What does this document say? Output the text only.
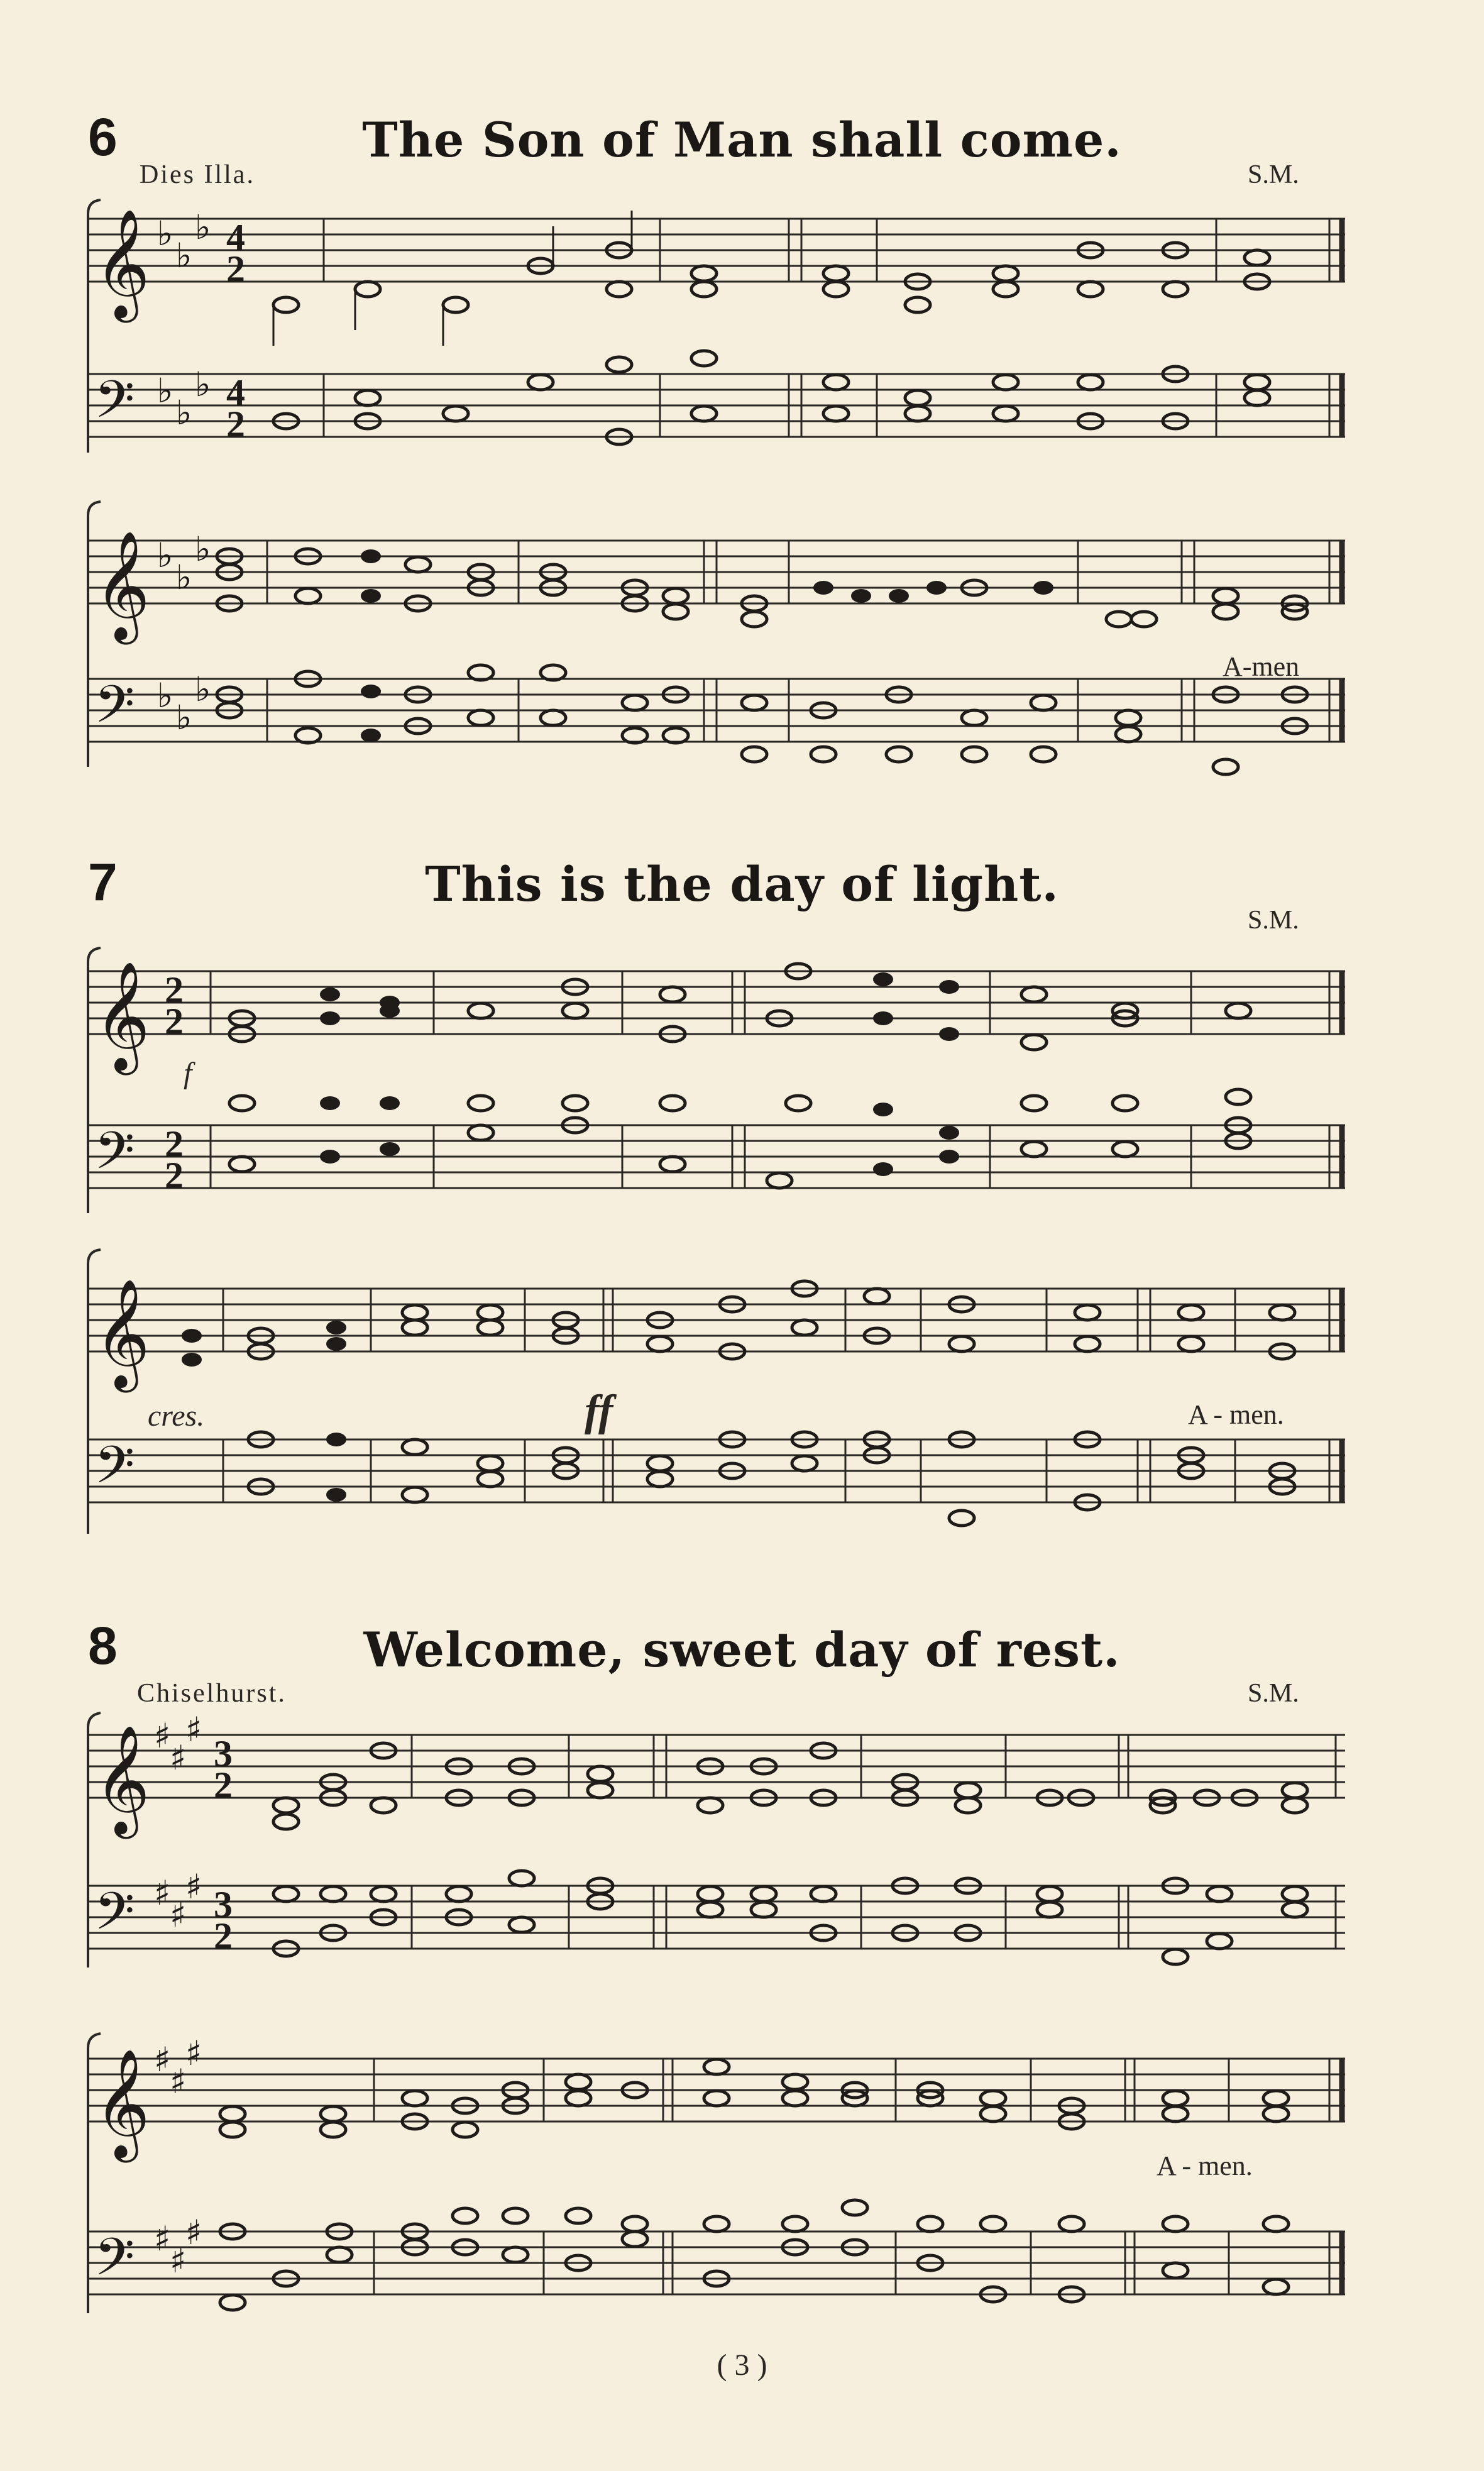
6	The Son of Man shall come.
Dies Illa.	S.M.
𝄞
𝄢
♭
♭
♭
♭
♭
♭
4
2
4
2
𝄞
𝄢
♭
♭
♭
♭
♭
♭
A-men
7	This is the day of light.
S.M.
𝄞
𝄢
2
2
2
2
f
𝄞
𝄢
cres.	ff	A - men.
8	Welcome, sweet day of rest.
Chiselhurst.	S.M.
𝄞
𝄢
♯
♯
♯
♯
♯
♯
3
2
3
2
𝄞
𝄢
♯
♯
♯
♯
♯
♯
A - men.
( 3 )
